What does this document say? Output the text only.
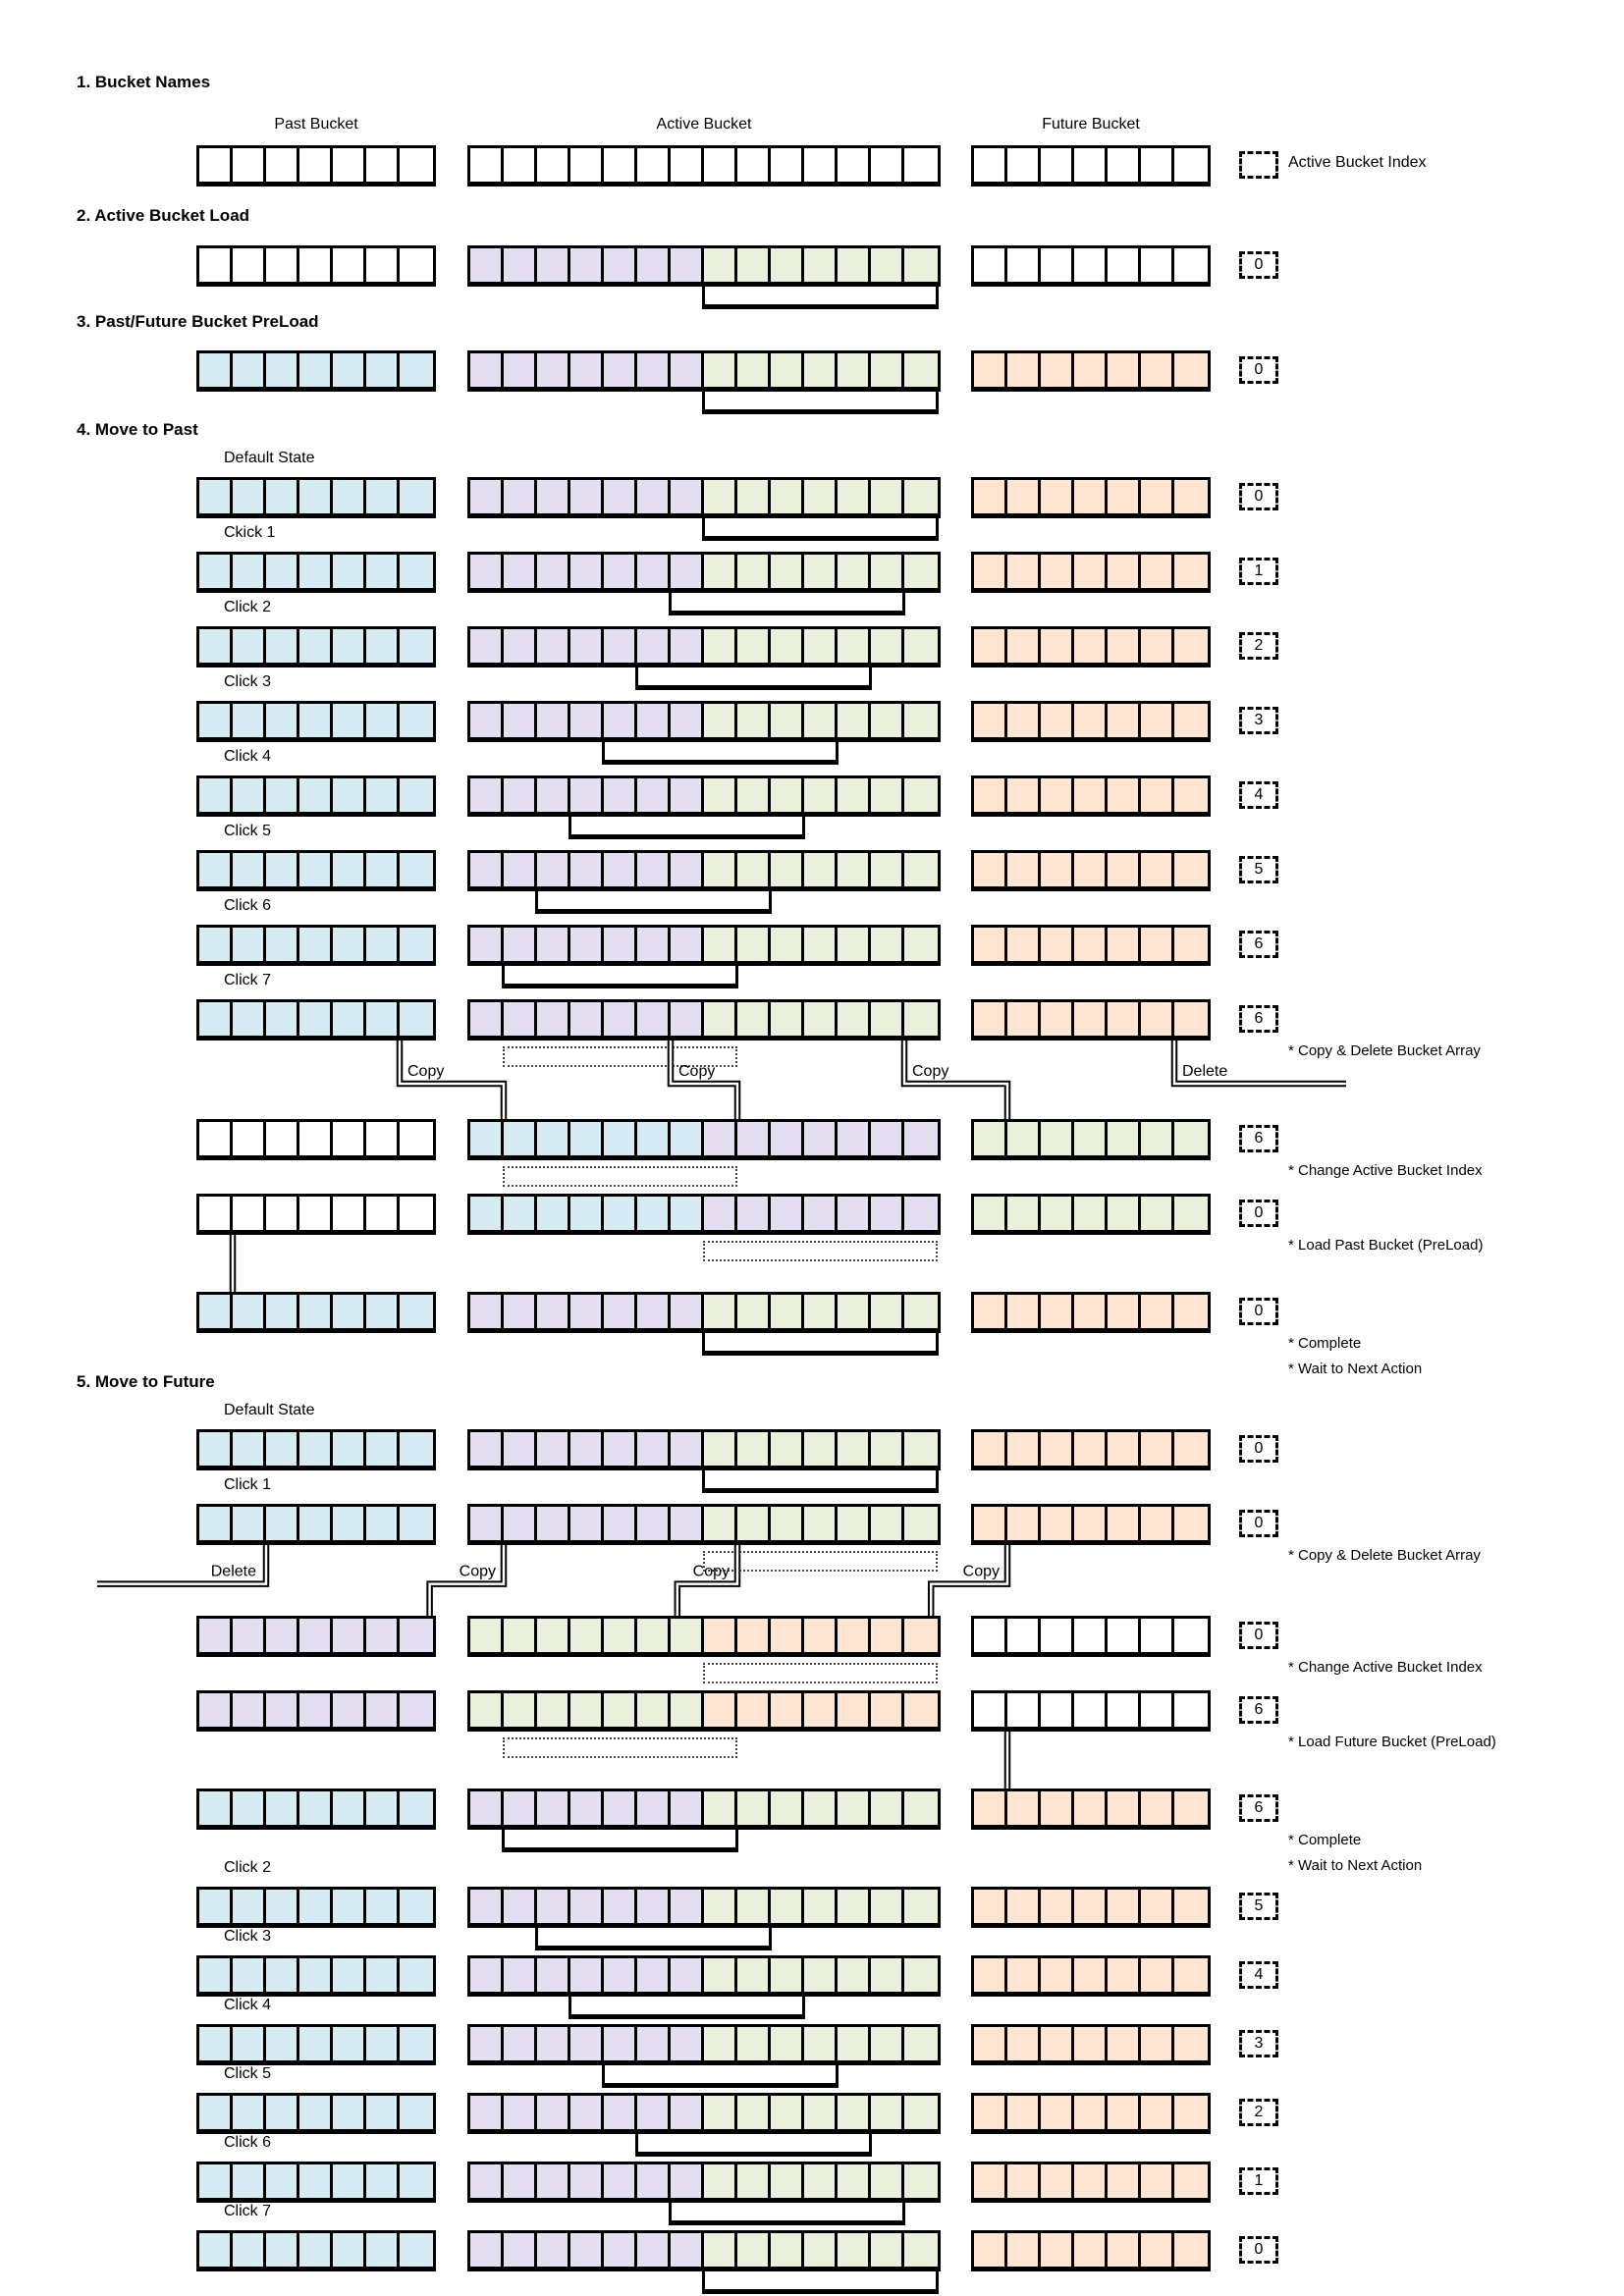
1. Bucket Names
Past Bucket	Active Bucket	Future Bucket
Active Bucket Index
2. Active Bucket Load
0
3. Past/Future Bucket PreLoad
0
4. Move to Past
Default State
0
Ckick 1
1
Click 2
2
Click 3
3
Click 4
4
Click 5
5
Click 6
6
Click 7
6
* Copy & Delete Bucket Array
6
* Change Active Bucket Index
0
* Load Past Bucket (PreLoad)
0
* Complete
* Wait to Next Action
5. Move to Future
Default State
0
Click 1
0
* Copy & Delete Bucket Array
0
* Change Active Bucket Index
6
* Load Future Bucket (PreLoad)
6
* Complete
* Wait to Next Action
Click 2
5
Click 3
4
Click 4
3
Click 5
2
Click 6
1
Click 7
0
Copy	Copy	Copy	Delete
Delete	Copy	Copy	Copy
